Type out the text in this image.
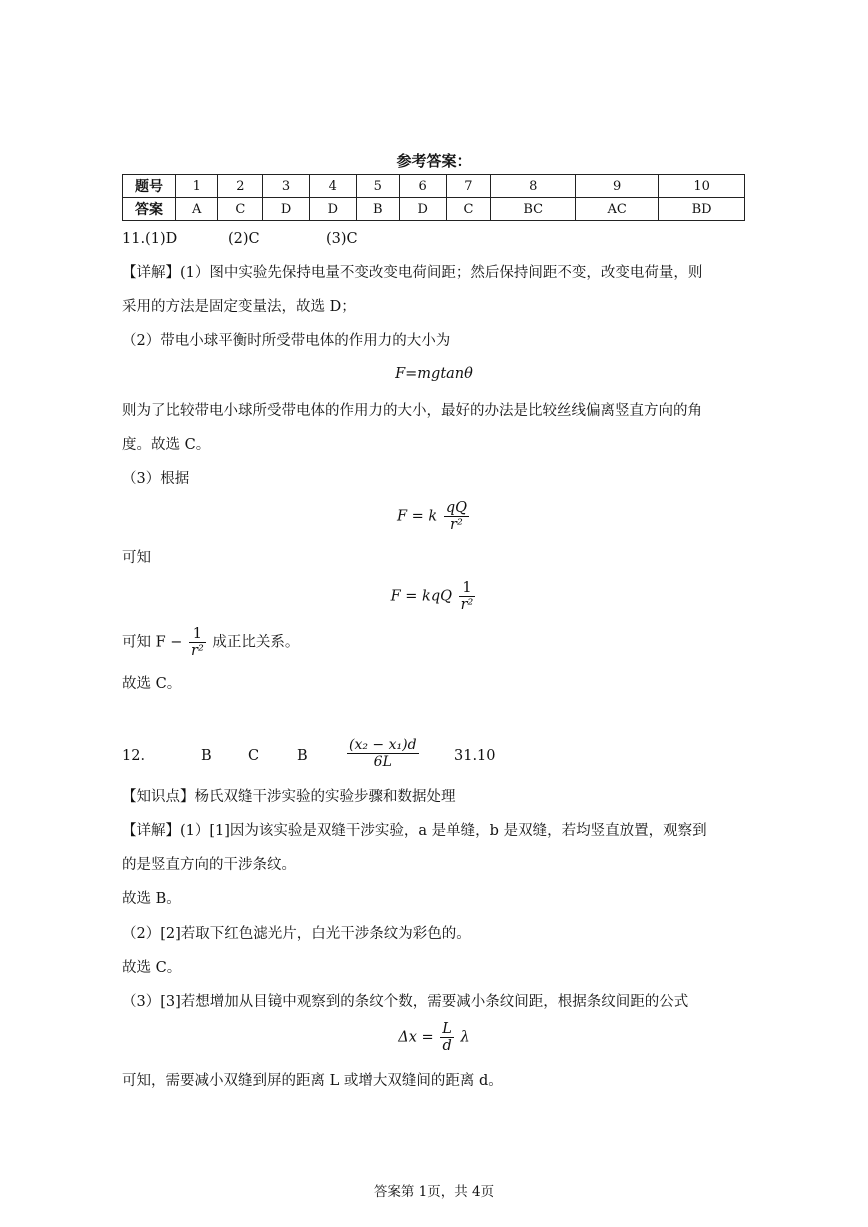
参考答案：
题号	1	2	3	4	5	6	7	8	9	10
答案	A	C	D	D	B	D	C	BC	AC	BD
11.(1)D	(2)C	(3)C
【详解】(1）图中实验先保持电量不变改变电荷间距；然后保持间距不变，改变电荷量，则
采用的方法是固定变量法，故选 D；
（2）带电小球平衡时所受带电体的作用力的大小为
F=mgtanθ
则为了比较带电小球所受带电体的作用力的大小，最好的办法是比较丝线偏离竖直方向的角
度。故选 C。
（3）根据
F = k $\frac{qQ}{\text{r²}}$
可知
F = kqQ $\frac{1}{\text{r²}}$
可知 $F - \frac{1}{\text{r²}}$ 成正比关系。
故选 C。
12．	B	C	B	$\frac{\text{(x₂ − x₁)d}}{6L} 31.10$
【知识点】杨氏双缝干涉实验的实验步骤和数据处理
【详解】(1）[1]因为该实验是双缝干涉实验，a 是单缝，b 是双缝，若均竖直放置，观察到
的是竖直方向的干涉条纹。
故选 B。
（2）[2]若取下红色滤光片，白光干涉条纹为彩色的。
故选 C。
（3）[3]若想增加从目镜中观察到的条纹个数，需要减小条纹间距，根据条纹间距的公式
$\Delta x = \frac{L}{d}$ λ
可知，需要减小双缝到屏的距离 L 或增大双缝间的距离 d。
答案第 1页，共 4页
